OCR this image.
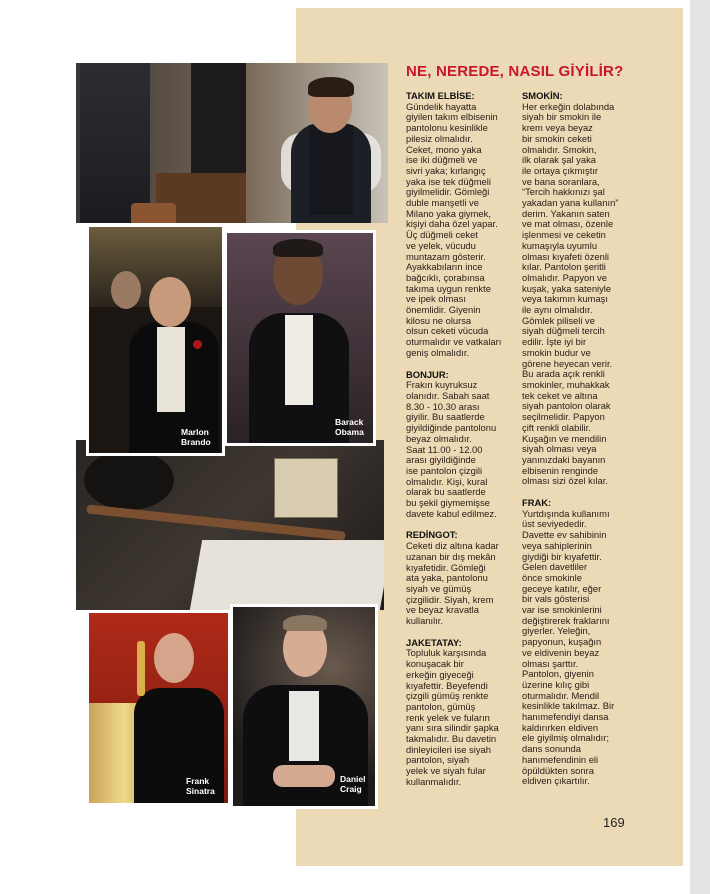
Marlon
Brando
Barack
Obama
Frank
Sinatra
Daniel
Craig
NE, NEREDE, NASIL GİYİLİR?
TAKIM ELBİSE:
Gündelik hayatta
giyilen takım elbisenin
pantolonu kesinlikle
pilesiz olmalıdır.
Ceket, mono yaka
ise iki düğmeli ve
sivri yaka; kırlangıç
yaka ise tek düğmeli
giyilmelidir. Gömleği
duble manşetli ve
Milano yaka giymek,
kişiyi daha özel yapar.
Üç düğmeli ceket
ve yelek, vücudu
muntazam gösterir.
Ayakkabıların ince
bağcıklı, çorabınsa
takıma uygun renkte
ve ipek olması
önemlidir. Giyenin
kilosu ne olursa
olsun ceketi vücuda
oturmalıdır ve vatkaları
geniş olmalıdır.
BONJUR:
Frakın kuyruksuz
olanıdır. Sabah saat
8.30 - 10.30 arası
giyilir. Bu saatlerde
giyildiğinde pantolonu
beyaz olmalıdır.
Saat 11.00 - 12.00
arası giyildiğinde
ise pantolon çizgili
olmalıdır. Kişi, kural
olarak bu saatlerde
bu şekil giymemişse
davete kabul edilmez.
REDİNGOT:
Ceketi diz altına kadar
uzanan bir dış mekân
kıyafetidir. Gömleği
ata yaka, pantolonu
siyah ve gümüş
çizgilidir. Siyah, krem
ve beyaz kravatla
kullanılır.
JAKETATAY:
Topluluk karşısında
konuşacak bir
erkeğin giyeceği
kıyafettir. Beyefendi
çizgili gümüş renkte
pantolon, gümüş
renk yelek ve fuların
yanı sıra silindir şapka
takmalıdır. Bu davetin
dinleyicileri ise siyah
pantolon, siyah
yelek ve siyah fular
kullanmalıdır.
SMOKİN:
Her erkeğin dolabında
siyah bir smokin ile
krem veya beyaz
bir smokin ceketi
olmalıdır. Smokin,
ilk olarak şal yaka
ile ortaya çıkmıştır
ve bana soranlara,
“Tercih hakkınızı şal
yakadan yana kullanın”
derim. Yakanın saten
ve mat olması, özenle
işlenmesi ve ceketin
kumaşıyla uyumlu
olması kıyafeti özenli
kılar. Pantolon şeritli
olmalıdır. Papyon ve
kuşak, yaka sateniyle
veya takımın kumaşı
ile aynı olmalıdır.
Gömlek piliseli ve
siyah düğmeli tercih
edilir. İşte iyi bir
smokin budur ve
görene heyecan verir.
Bu arada açık renkli
smokinler, muhakkak
tek ceket ve altına
siyah pantolon olarak
seçilmelidir. Papyon
çift renkli olabilir.
Kuşağın ve mendilin
siyah olması veya
yanınızdaki bayanın
elbisenin renginde
olması sizi özel kılar.
FRAK:
Yurtdışında kullanımı
üst seviyededir.
Davette ev sahibinin
veya sahiplerinin
giydiği bir kıyafettir.
Gelen davetliler
önce smokinle
geceye katılır, eğer
bir vals gösterisi
var ise smokinlerini
değiştirerek fraklarını
giyerler. Yeleğin,
papyonun, kuşağın
ve eldivenin beyaz
olması şarttır.
Pantolon, giyenin
üzerine kılıç gibi
oturmalıdır. Mendil
kesinlikle takılmaz. Bir
hanımefendiyi dansa
kaldırırken eldiven
ele giyilmiş olmalıdır;
dans sonunda
hanımefendinin eli
öpüldükten sonra
eldiven çıkartılır.
169
